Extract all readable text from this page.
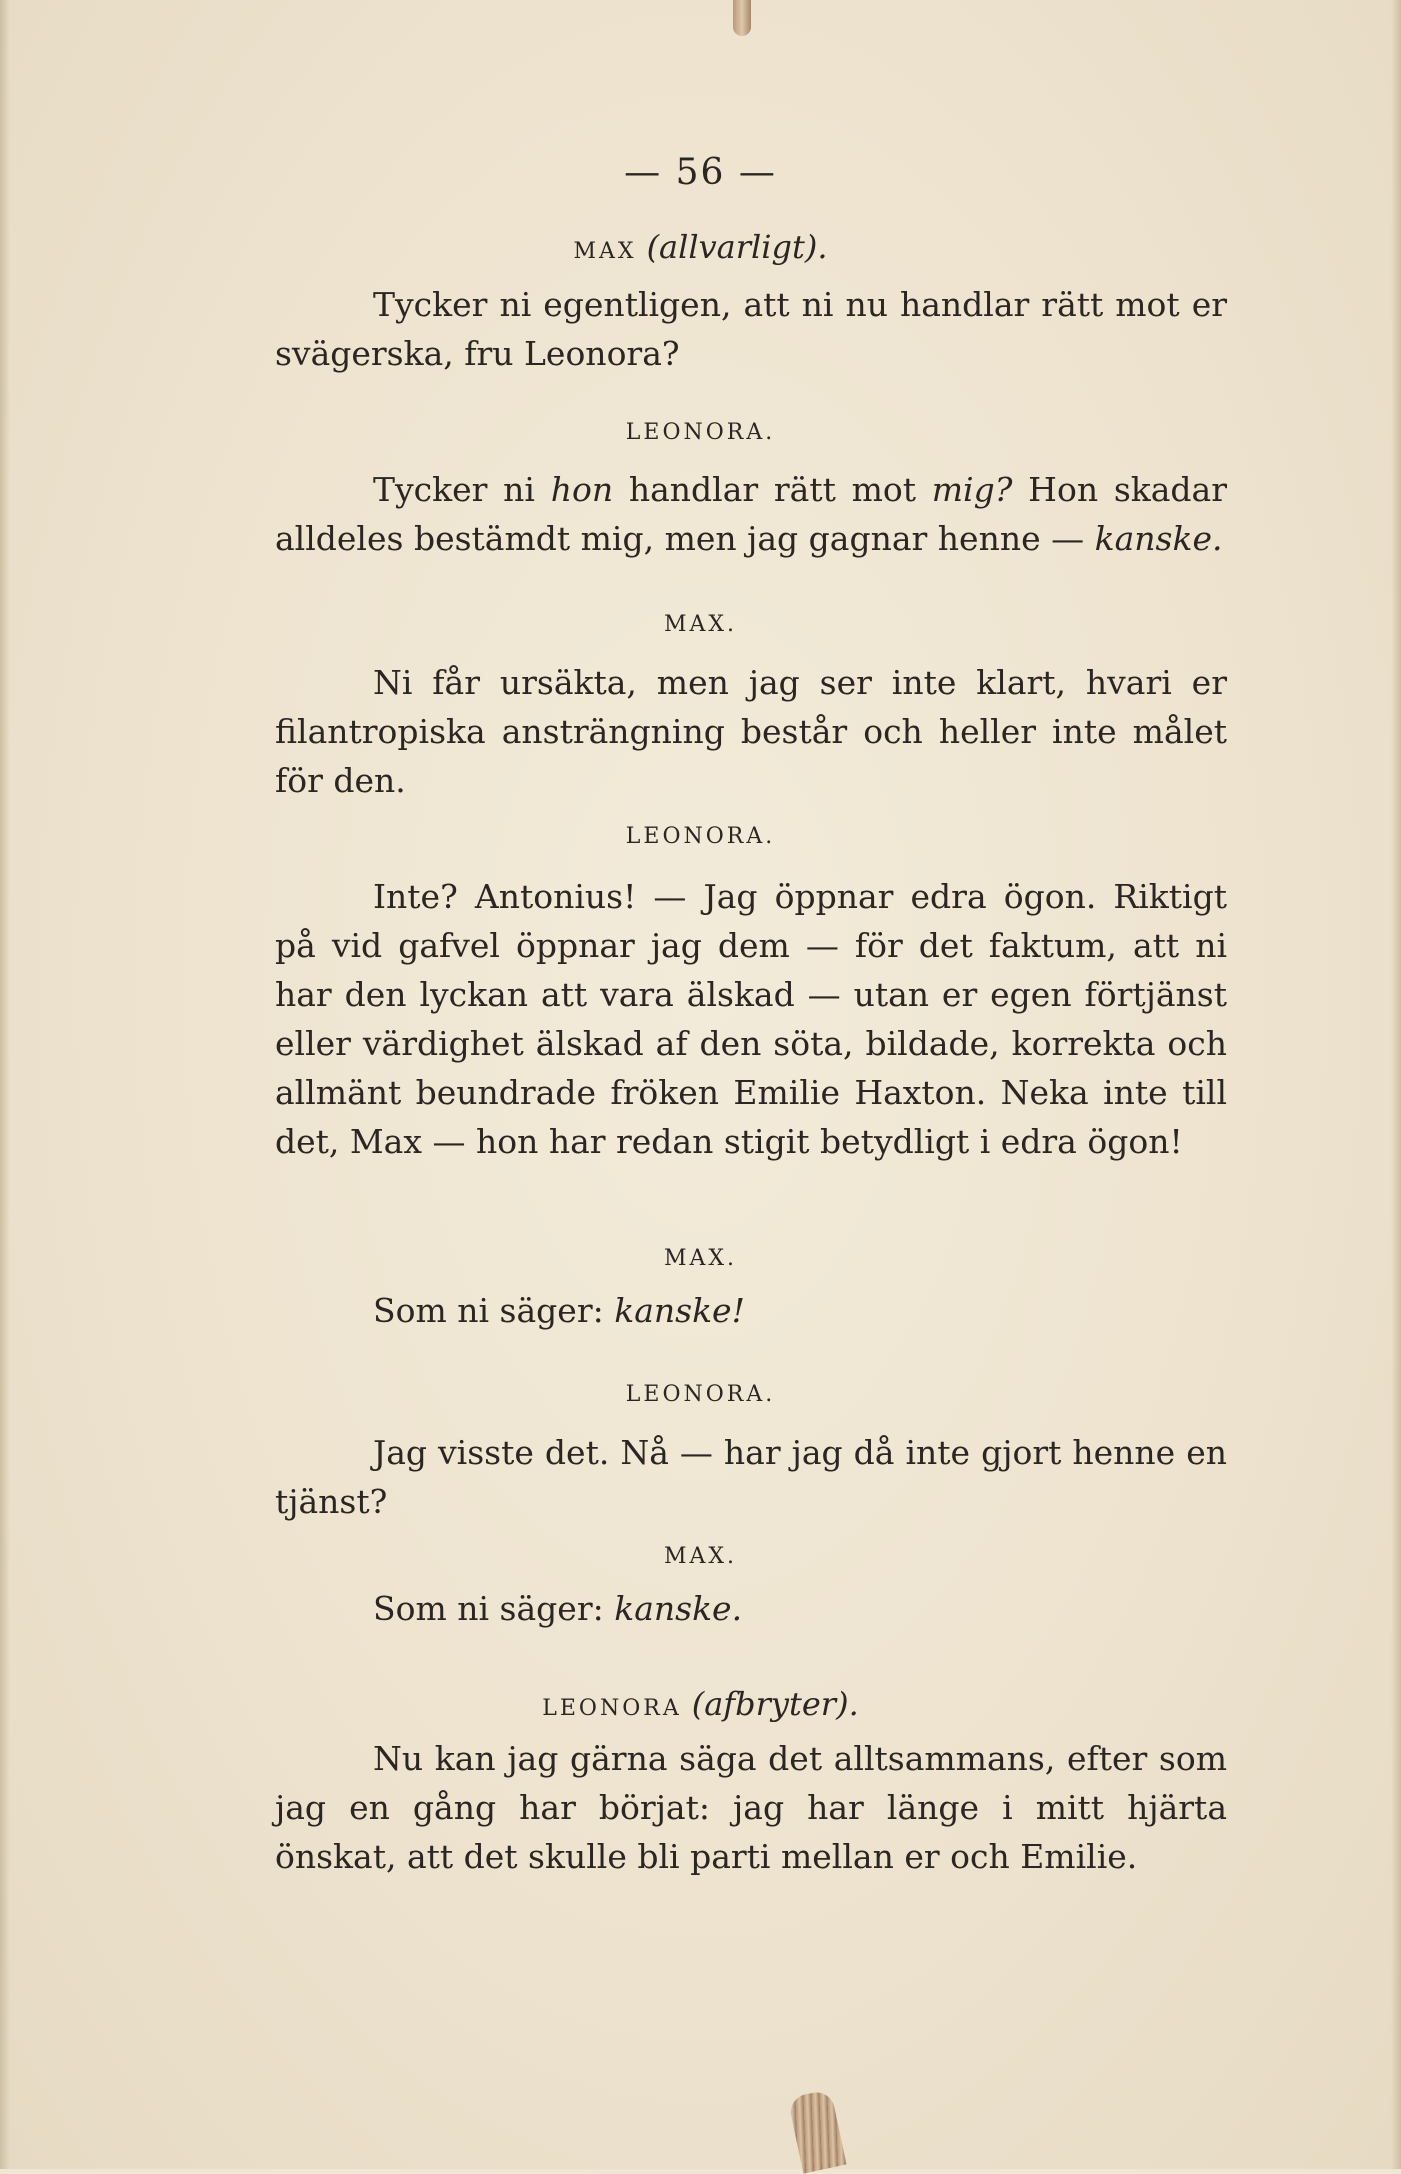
— 56 —
MAX (allvarligt).
Tycker ni egentligen, att ni nu handlar rätt mot er svägerska, fru Leonora?
LEONORA.
Tycker ni hon handlar rätt mot mig? Hon skadar alldeles bestämdt mig, men jag gagnar henne — kanske.
MAX.
Ni får ursäkta, men jag ser inte klart, hvari er filantropiska ansträngning består och heller inte målet för den.
LEONORA.
Inte? Antonius! — Jag öppnar edra ögon. Riktigt på vid gafvel öppnar jag dem — för det faktum, att ni har den lyckan att vara älskad — utan er egen förtjänst eller värdighet älskad af den söta, bildade, korrekta och allmänt beundrade fröken Emilie Haxton. Neka inte till det, Max — hon har redan stigit betydligt i edra ögon!
MAX.
Som ni säger: kanske!
LEONORA.
Jag visste det. Nå — har jag då inte gjort henne en tjänst?
MAX.
Som ni säger: kanske.
LEONORA (afbryter).
Nu kan jag gärna säga det alltsammans, efter som jag en gång har börjat: jag har länge i mitt hjärta önskat, att det skulle bli parti mellan er och Emilie.
